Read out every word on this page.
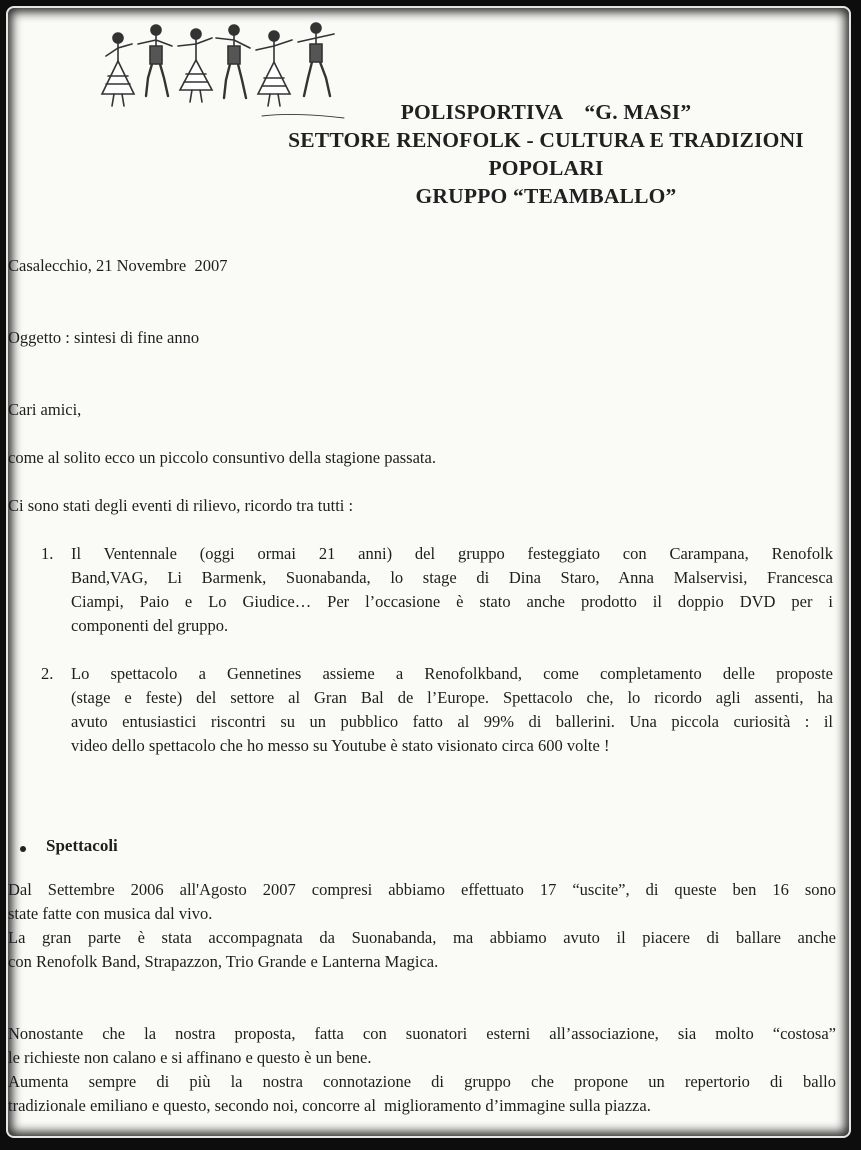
POLISPORTIVA    “G. MASI”
SETTORE RENOFOLK - CULTURA E TRADIZIONI
POPOLARI
GRUPPO “TEAMBALLO”
Casalecchio, 21 Novembre  2007
Oggetto : sintesi di fine anno
Cari amici,
come al solito ecco un piccolo consuntivo della stagione passata.
Ci sono stati degli eventi di rilievo, ricordo tra tutti :
1. Il Ventennale (oggi ormai 21 anni) del gruppo festeggiato con Carampana, Renofolk
Band,VAG, Li Barmenk, Suonabanda, lo stage di Dina Staro, Anna Malservisi, Francesca
Ciampi, Paio e Lo Giudice… Per l’occasione è stato anche prodotto il doppio DVD per i
componenti del gruppo.
2. Lo spettacolo a Gennetines assieme a Renofolkband, come completamento delle proposte
(stage e feste) del settore al Gran Bal de l’Europe. Spettacolo che, lo ricordo agli assenti, ha
avuto entusiastici riscontri su un pubblico fatto al 99% di ballerini. Una piccola curiosità : il
video dello spettacolo che ho messo su Youtube è stato visionato circa 600 volte !
Spettacoli
Dal Settembre 2006 all'Agosto 2007 compresi abbiamo effettuato 17 “uscite”, di queste ben 16 sono
state fatte con musica dal vivo.
La gran parte è stata accompagnata da Suonabanda, ma abbiamo avuto il piacere di ballare anche
con Renofolk Band, Strapazzon, Trio Grande e Lanterna Magica.
Nonostante che la nostra proposta, fatta con suonatori esterni all’associazione, sia molto “costosa”
le richieste non calano e si affinano e questo è un bene.
Aumenta sempre di più la nostra connotazione di gruppo che propone un repertorio di ballo
tradizionale emiliano e questo, secondo noi, concorre al  miglioramento d’immagine sulla piazza.
